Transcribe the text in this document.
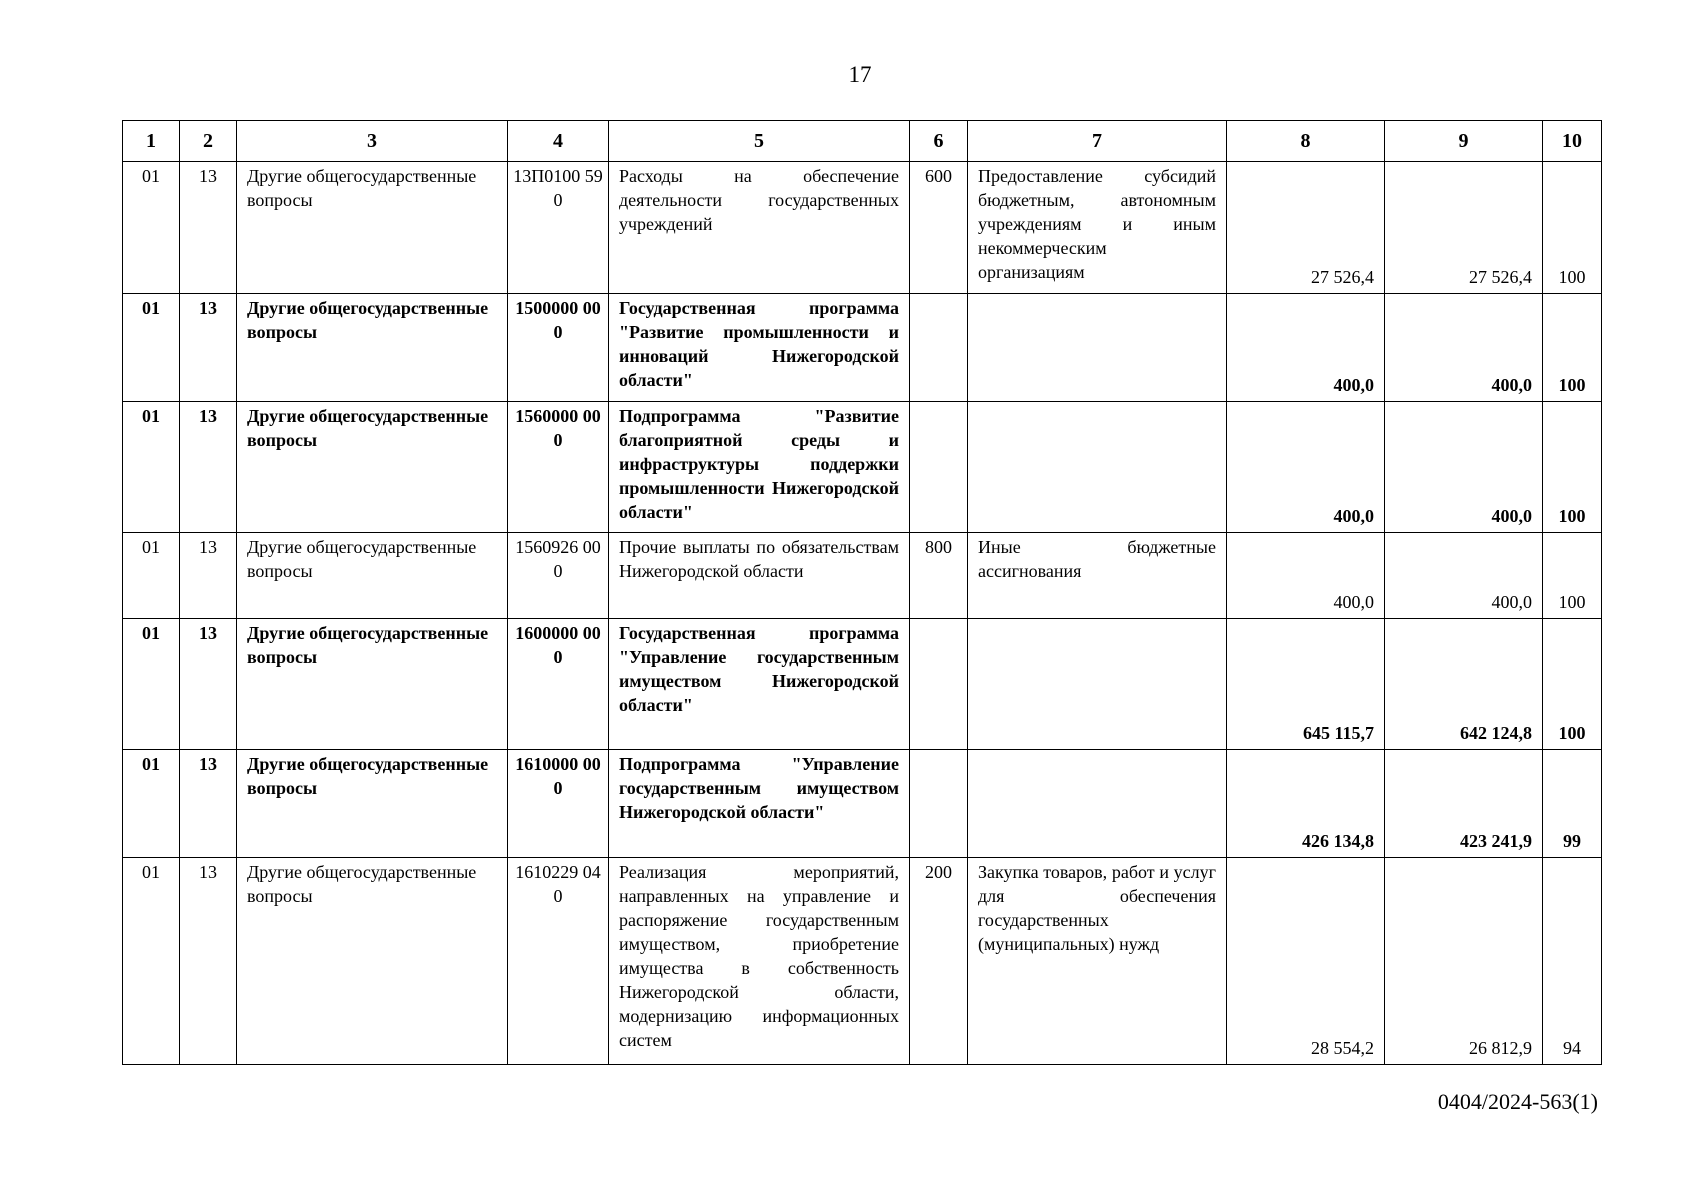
17
1	2	3	4	5	6	7	8	9	10
01	13	Другие общегосударственные вопросы	13П0100 590	Расходы на обеспечение деятельности государственных учреждений	600	Предоставление субсидий бюджетным, автономным учреждениям и иным некоммерческим организациям	27 526,4	27 526,4	100
01	13	Другие общегосударственные вопросы	1500000 000	Государственная программа "Развитие промышленности и инноваций Нижегородской области"			400,0	400,0	100
01	13	Другие общегосударственные вопросы	1560000 000	Подпрограмма "Развитие благоприятной среды и инфраструктуры поддержки промышленности Нижегородской области"			400,0	400,0	100
01	13	Другие общегосударственные вопросы	1560926 000	Прочие выплаты по обязательствам Нижегородской области	800	Иные бюджетные ассигнования	400,0	400,0	100
01	13	Другие общегосударственные вопросы	1600000 000	Государственная программа "Управление государственным имуществом Нижегородской области"			645 115,7	642 124,8	100
01	13	Другие общегосударственные вопросы	1610000 000	Подпрограмма "Управление государственным имуществом Нижегородской области"			426 134,8	423 241,9	99
01	13	Другие общегосударственные вопросы	1610229 040	Реализация мероприятий, направленных на управление и распоряжение государственным имуществом, приобретение имущества в собственность Нижегородской области, модернизацию информационных систем	200	Закупка товаров, работ и услуг для обеспечения государственных (муниципальных) нужд	28 554,2	26 812,9	94
0404/2024-563(1)
